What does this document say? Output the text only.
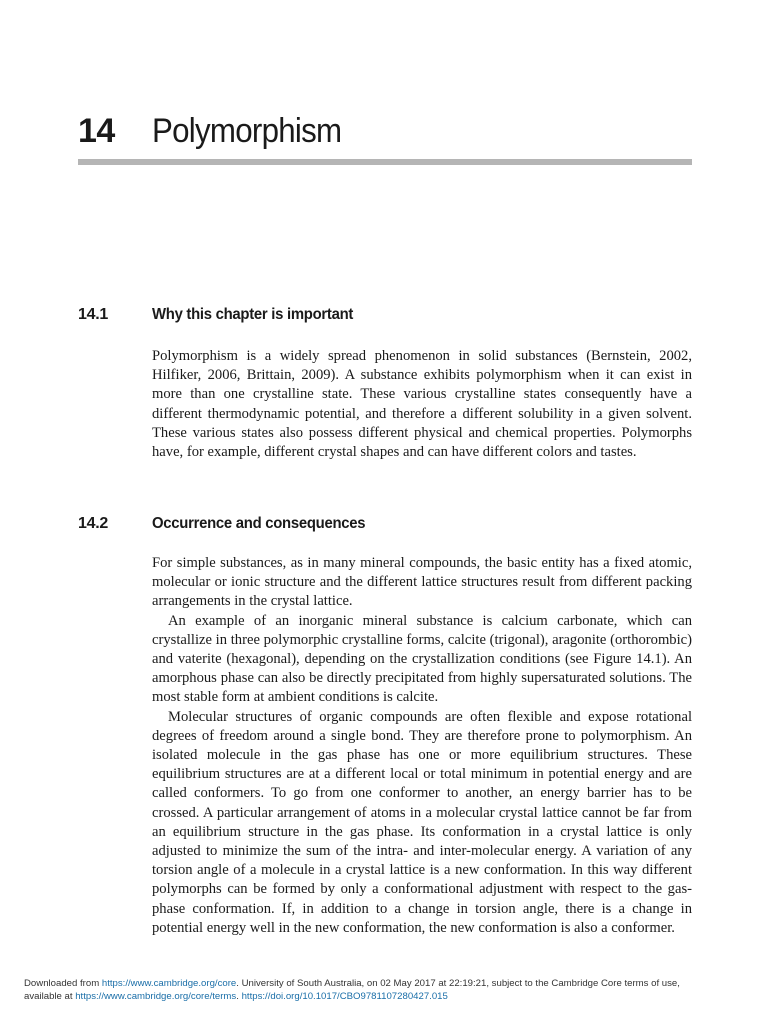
14	Polymorphism
14.1	Why this chapter is important

Polymorphism is a widely spread phenomenon in solid substances (Bernstein, 2002, Hilfiker, 2006, Brittain, 2009). A substance exhibits polymorphism when it can exist in more than one crystalline state. These various crystalline states consequently have a different thermodynamic potential, and therefore a different solubility in a given solvent. These various states also possess different physical and chemical properties. Polymorphs have, for example, different crystal shapes and can have different colors and tastes.

14.2	Occurrence and consequences

For simple substances, as in many mineral compounds, the basic entity has a fixed atomic, molecular or ionic structure and the different lattice structures result from different packing arrangements in the crystal lattice.

An example of an inorganic mineral substance is calcium carbonate, which can crystallize in three polymorphic crystalline forms, calcite (trigonal), aragonite (orthorombic) and vaterite (hexagonal), depending on the crystallization conditions (see Figure 14.1). An amorphous phase can also be directly precipitated from highly supersaturated solutions. The most stable form at ambient conditions is calcite.

Molecular structures of organic compounds are often flexible and expose rotational degrees of freedom around a single bond. They are therefore prone to polymorphism. An isolated molecule in the gas phase has one or more equilibrium structures. These equilibrium structures are at a different local or total minimum in potential energy and are called conformers. To go from one conformer to another, an energy barrier has to be crossed. A particular arrangement of atoms in a molecular crystal lattice cannot be far from an equilibrium structure in the gas phase. Its conformation in a crystal lattice is only adjusted to minimize the sum of the intra- and inter-molecular energy. A variation of any torsion angle of a molecule in a crystal lattice is a new conformation. In this way different polymorphs can be formed by only a conformational adjustment with respect to the gas-phase conformation. If, in addition to a change in torsion angle, there is a change in potential energy well in the new conformation, the new conformation is also a conformer.

Downloaded from https://www.cambridge.org/core. University of South Australia, on 02 May 2017 at 22:19:21, subject to the Cambridge Core terms of use,
available at https://www.cambridge.org/core/terms. https://doi.org/10.1017/CBO9781107280427.015
